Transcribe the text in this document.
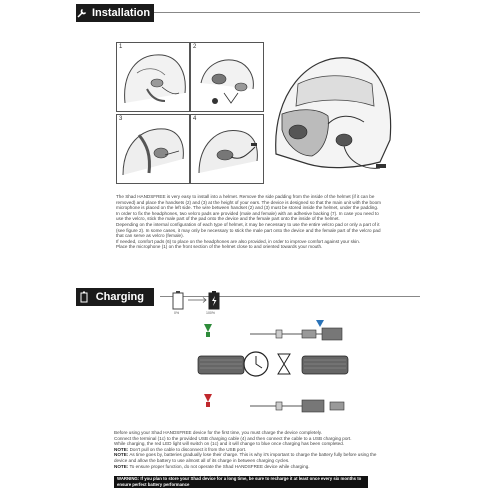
Installation
1	2
3	4

The Shad HANDSFREE is very easy to install into a helmet. Remove the side padding from the inside of the helmet (if it can be removed) and place the handsets (2) and (3) at the height of your ears. The device is designed so that the main unit with the boom microphone is placed on the left side. The wire between handset (2) and (3) must be stored inside the helmet, under the padding. In order to fix the headphones, two velcro pads are provided (male and female) with an adhesive backing (7). In case you need to use the velcro, stick the male part of the pad onto the device and the female part onto the inside of the helmet.

Depending on the internal configuration of each type of helmet, it may be necessary to use the entire velcro pad or only a part of it (see figure 2). In some cases, it may only be necessary to stick the male part onto the device and the female part of the velcro pad that can serve as velcro (female).

If needed, comfort pads (6) to place on the headphones are also provided, in order to improve comfort against your skin.

Place the microphone (1) on the front section of the helmet close to and oriented towards your mouth.

Charging
0%	100%

Before using your Shad HANDSFREE device for the first time, you must charge the device completely.

Connect the terminal (1c) to the provided USB charging cable (4) and then connect the cable to a USB charging port.

While charging, the red LED light will switch on (1c) and it will change to blue once charging has been completed.

NOTE: Don't pull on the cable to disconnect it from the USB port.

NOTE: As time goes by, batteries gradually lose their charge. This is why it's important to charge the battery fully before using the device and allow the battery to use almost all of its charge in between charging cycles.

NOTE: To ensure proper function, do not operate the Shad HANDSFREE device while charging.

WARNING: If you plan to store your Shad device for a long time, be sure to recharge it at least once every six months to ensure perfect battery performance
